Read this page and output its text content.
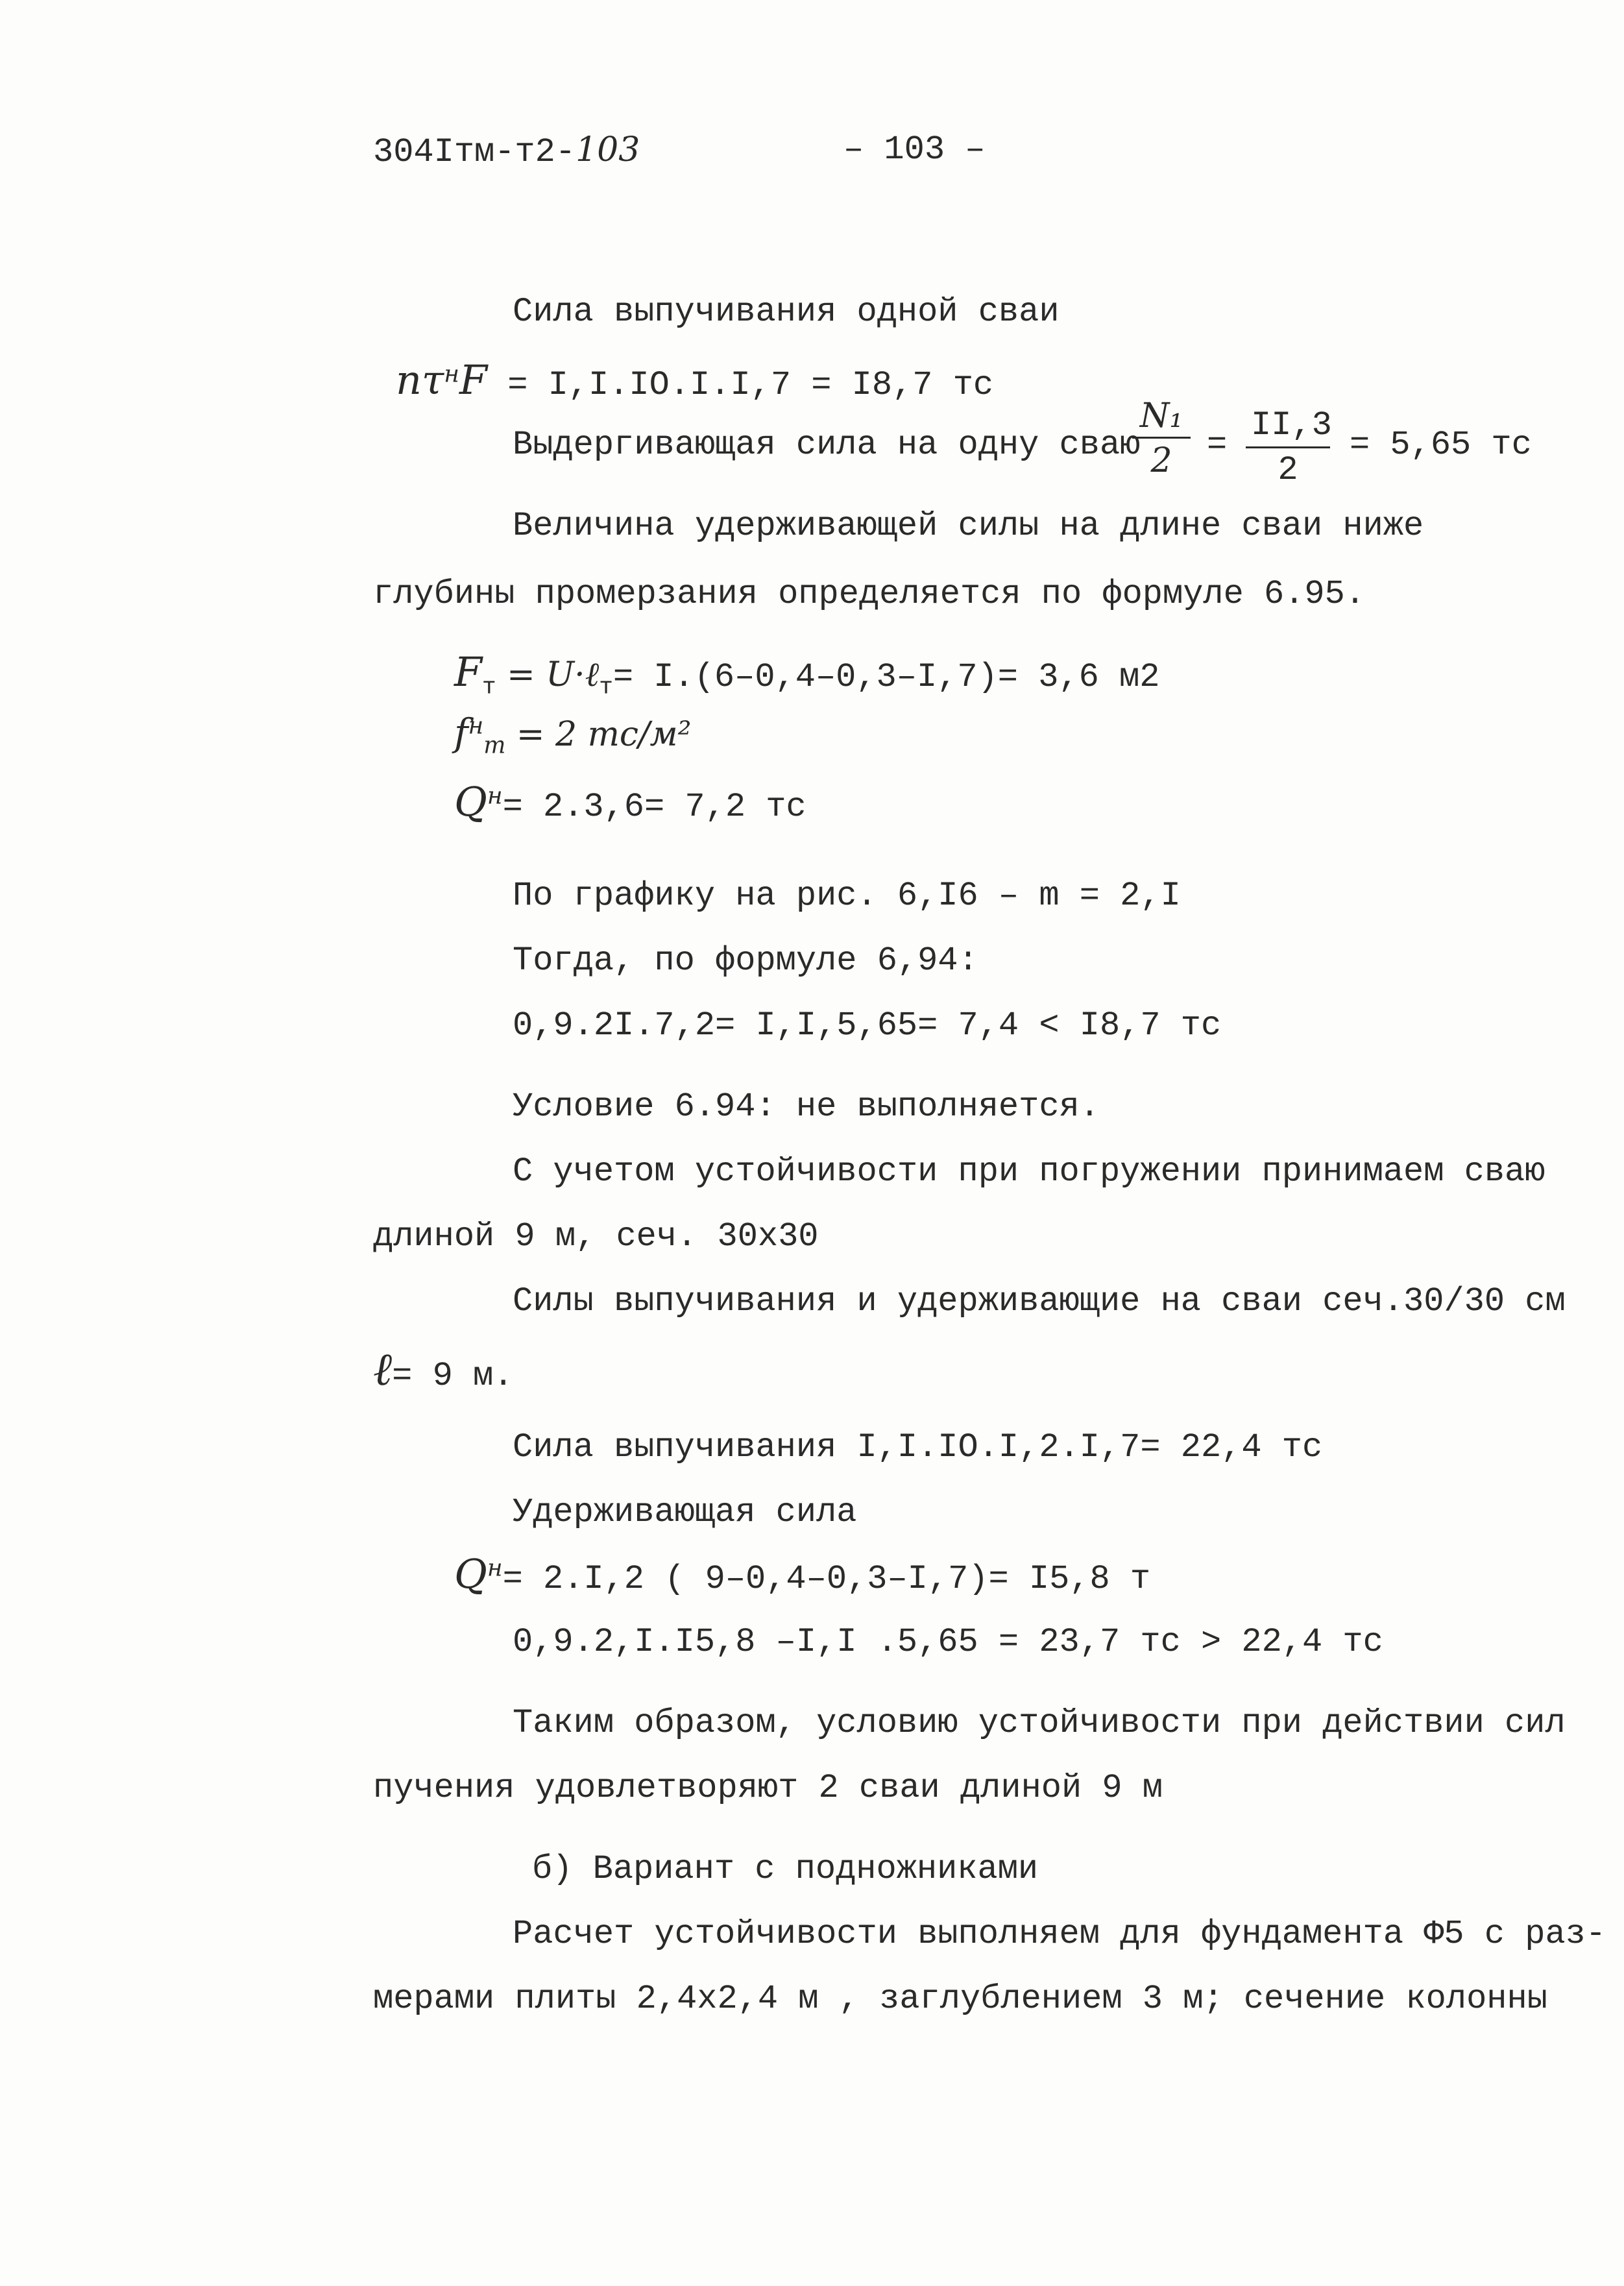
304Iтм-т2-103	– 103 –
Сила выпучивания одной сваи
$n\tau^нF = I,I.IO.I.I,7 = I8,7$ тс
Выдергивающая сила на одну сваю
$\frac{\text{N₁}}{2} = \frac{II,3}{2} = 5,65$ тс
Величина удерживающей силы на длине сваи ниже
глубины промерзания определяется по формуле 6.95.
$F_т$ = U·ℓ$_т$= I.(6–0,4–0,3–I,7)= 3,6 м2
$f^н_т = 2$ тс/м²
$Q^н= 2.3,6= 7,2$ тс
По графику на рис. 6,I6 – m = 2,I
Тогда, по формуле 6,94:
0,9.2I.7,2= I,I,5,65= 7,4 < I8,7 тс
Условие 6.94: не выполняется.
С учетом устойчивости при погружении принимаем сваю
длиной 9 м, сеч. 30х30
Силы выпучивания и удерживающие на сваи сеч.30/30 см
ℓ= 9 м.
Сила выпучивания I,I.IO.I,2.I,7= 22,4 тс
Удерживающая сила
$Q^н= 2.I,2$ ( 9–0,4–0,3–I,7)= I5,8 т
0,9.2,I.I5,8 –I,I .5,65 = 23,7 тс > 22,4 тс
Таким образом, условию устойчивости при действии сил
пучения удовлетворяют 2 сваи длиной 9 м
б) Вариант с подножниками
Расчет устойчивости выполняем для фундамента Ф5 с раз-
мерами плиты 2,4х2,4 м , заглублением 3 м; сечение колонны
